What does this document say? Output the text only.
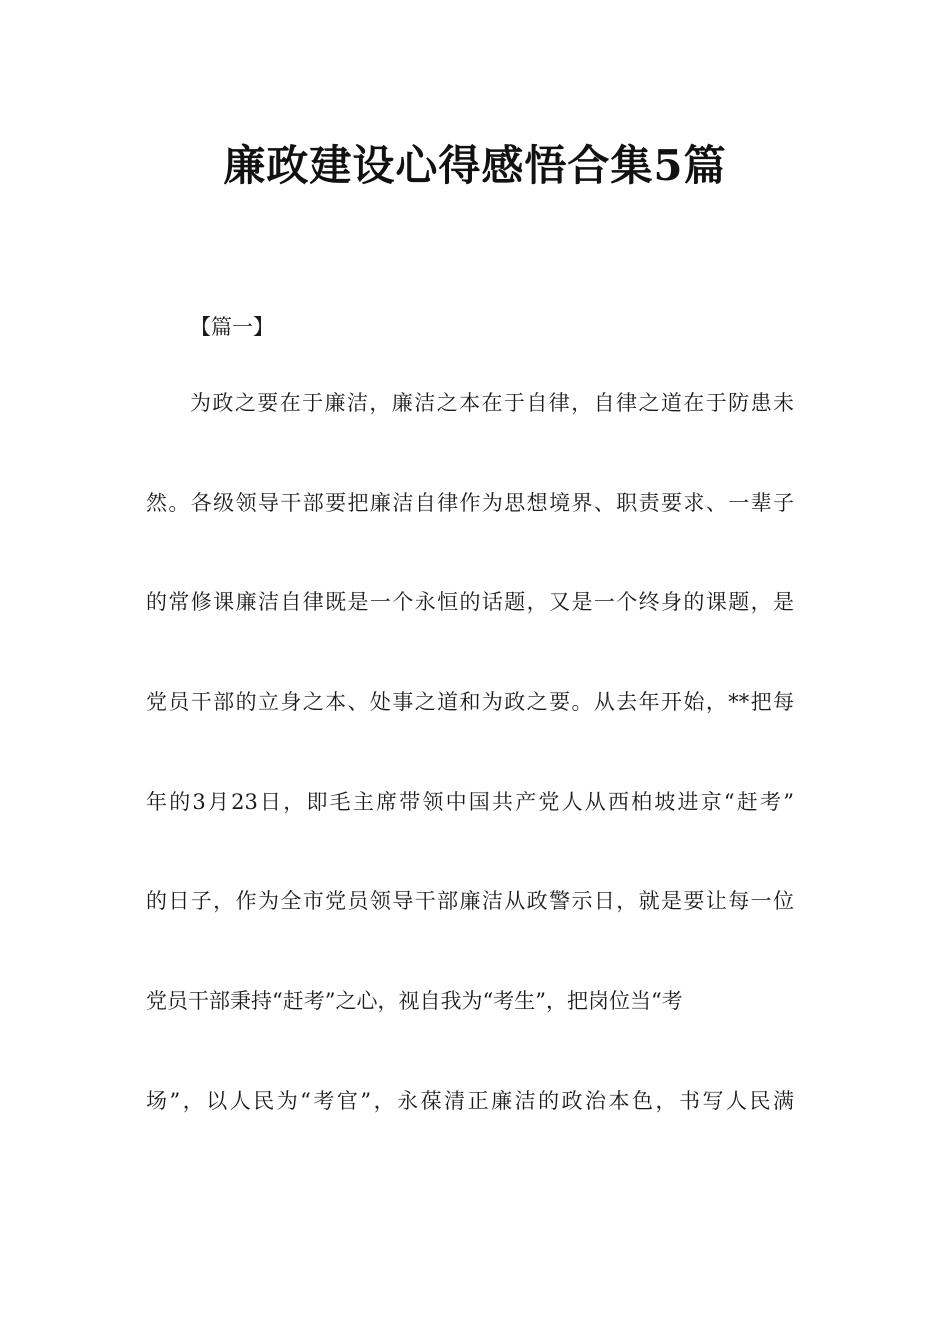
廉政建设心得感悟合集5篇
【篇一】
为政之要在于廉洁，廉洁之本在于自律，自律之道在于防患未
然。各级领导干部要把廉洁自律作为思想境界、职责要求、一辈子
的常修课廉洁自律既是一个永恒的话题，又是一个终身的课题，是
党员干部的立身之本、处事之道和为政之要。从去年开始，**把每
年的3月23日，即毛主席带领中国共产党人从西柏坡进京“赶考”
的日子，作为全市党员领导干部廉洁从政警示日，就是要让每一位
党员干部秉持“赶考”之心，视自我为“考生”，把岗位当“考
场”，以人民为“考官”，永葆清正廉洁的政治本色，书写人民满
